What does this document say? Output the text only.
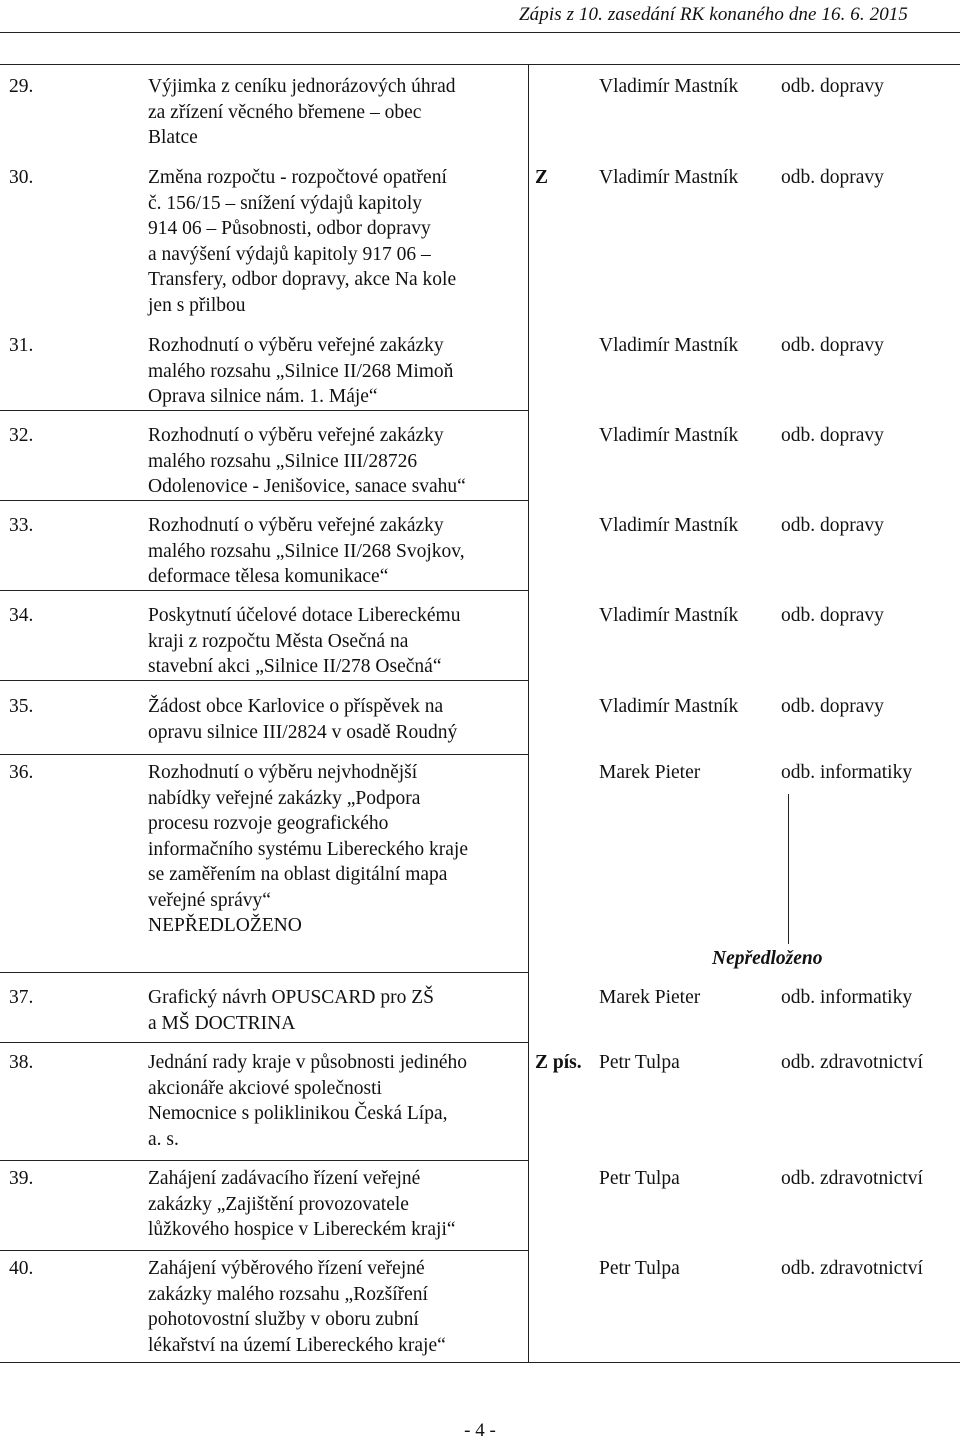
Zápis z 10. zasedání RK konaného dne 16. 6. 2015
29.	Výjimka z ceníku jednorázových úhrad
za zřízení věcného břemene – obec
Blatce
Vladimír Mastník odb. dopravy
30.	Změna rozpočtu - rozpočtové opatření
č. 156/15 – snížení výdajů kapitoly
914 06 – Působnosti, odbor dopravy
a navýšení výdajů kapitoly 917 06 –
Transfery, odbor dopravy, akce Na kole
jen s přilbou
Z	Vladimír Mastník odb. dopravy
31.	Rozhodnutí o výběru veřejné zakázky
malého rozsahu „Silnice II/268 Mimoň
Oprava silnice nám. 1. Máje“
Vladimír Mastník odb. dopravy
32.	Rozhodnutí o výběru veřejné zakázky
malého rozsahu „Silnice III/28726
Odolenovice - Jenišovice, sanace svahu“
Vladimír Mastník odb. dopravy
33.	Rozhodnutí o výběru veřejné zakázky
malého rozsahu „Silnice II/268 Svojkov,
deformace tělesa komunikace“
Vladimír Mastník odb. dopravy
34.	Poskytnutí účelové dotace Libereckému
kraji z rozpočtu Města Osečná na
stavební akci „Silnice II/278 Osečná“
Vladimír Mastník odb. dopravy
35.	Žádost obce Karlovice o příspěvek na
opravu silnice III/2824 v osadě Roudný
Vladimír Mastník odb. dopravy
36.	Rozhodnutí o výběru nejvhodnější
nabídky veřejné zakázky „Podpora
procesu rozvoje geografického
informačního systému Libereckého kraje
se zaměřením na oblast digitální mapa
veřejné správy“
NEPŘEDLOŽENO
Marek Pieter	odb. informatiky
Nepředloženo
37.	Grafický návrh OPUSCARD pro ZŠ
a MŠ DOCTRINA
Marek Pieter	odb. informatiky
38.	Jednání rady kraje v působnosti jediného
akcionáře akciové společnosti
Nemocnice s poliklinikou Česká Lípa,
a. s.
Z pís. Petr Tulpa	odb. zdravotnictví
39.	Zahájení zadávacího řízení veřejné
zakázky „Zajištění provozovatele
lůžkového hospice v Libereckém kraji“
Petr Tulpa	odb. zdravotnictví
40.	Zahájení výběrového řízení veřejné
zakázky malého rozsahu „Rozšíření
pohotovostní služby v oboru zubní
lékařství na území Libereckého kraje“
Petr Tulpa	odb. zdravotnictví
- 4 -
